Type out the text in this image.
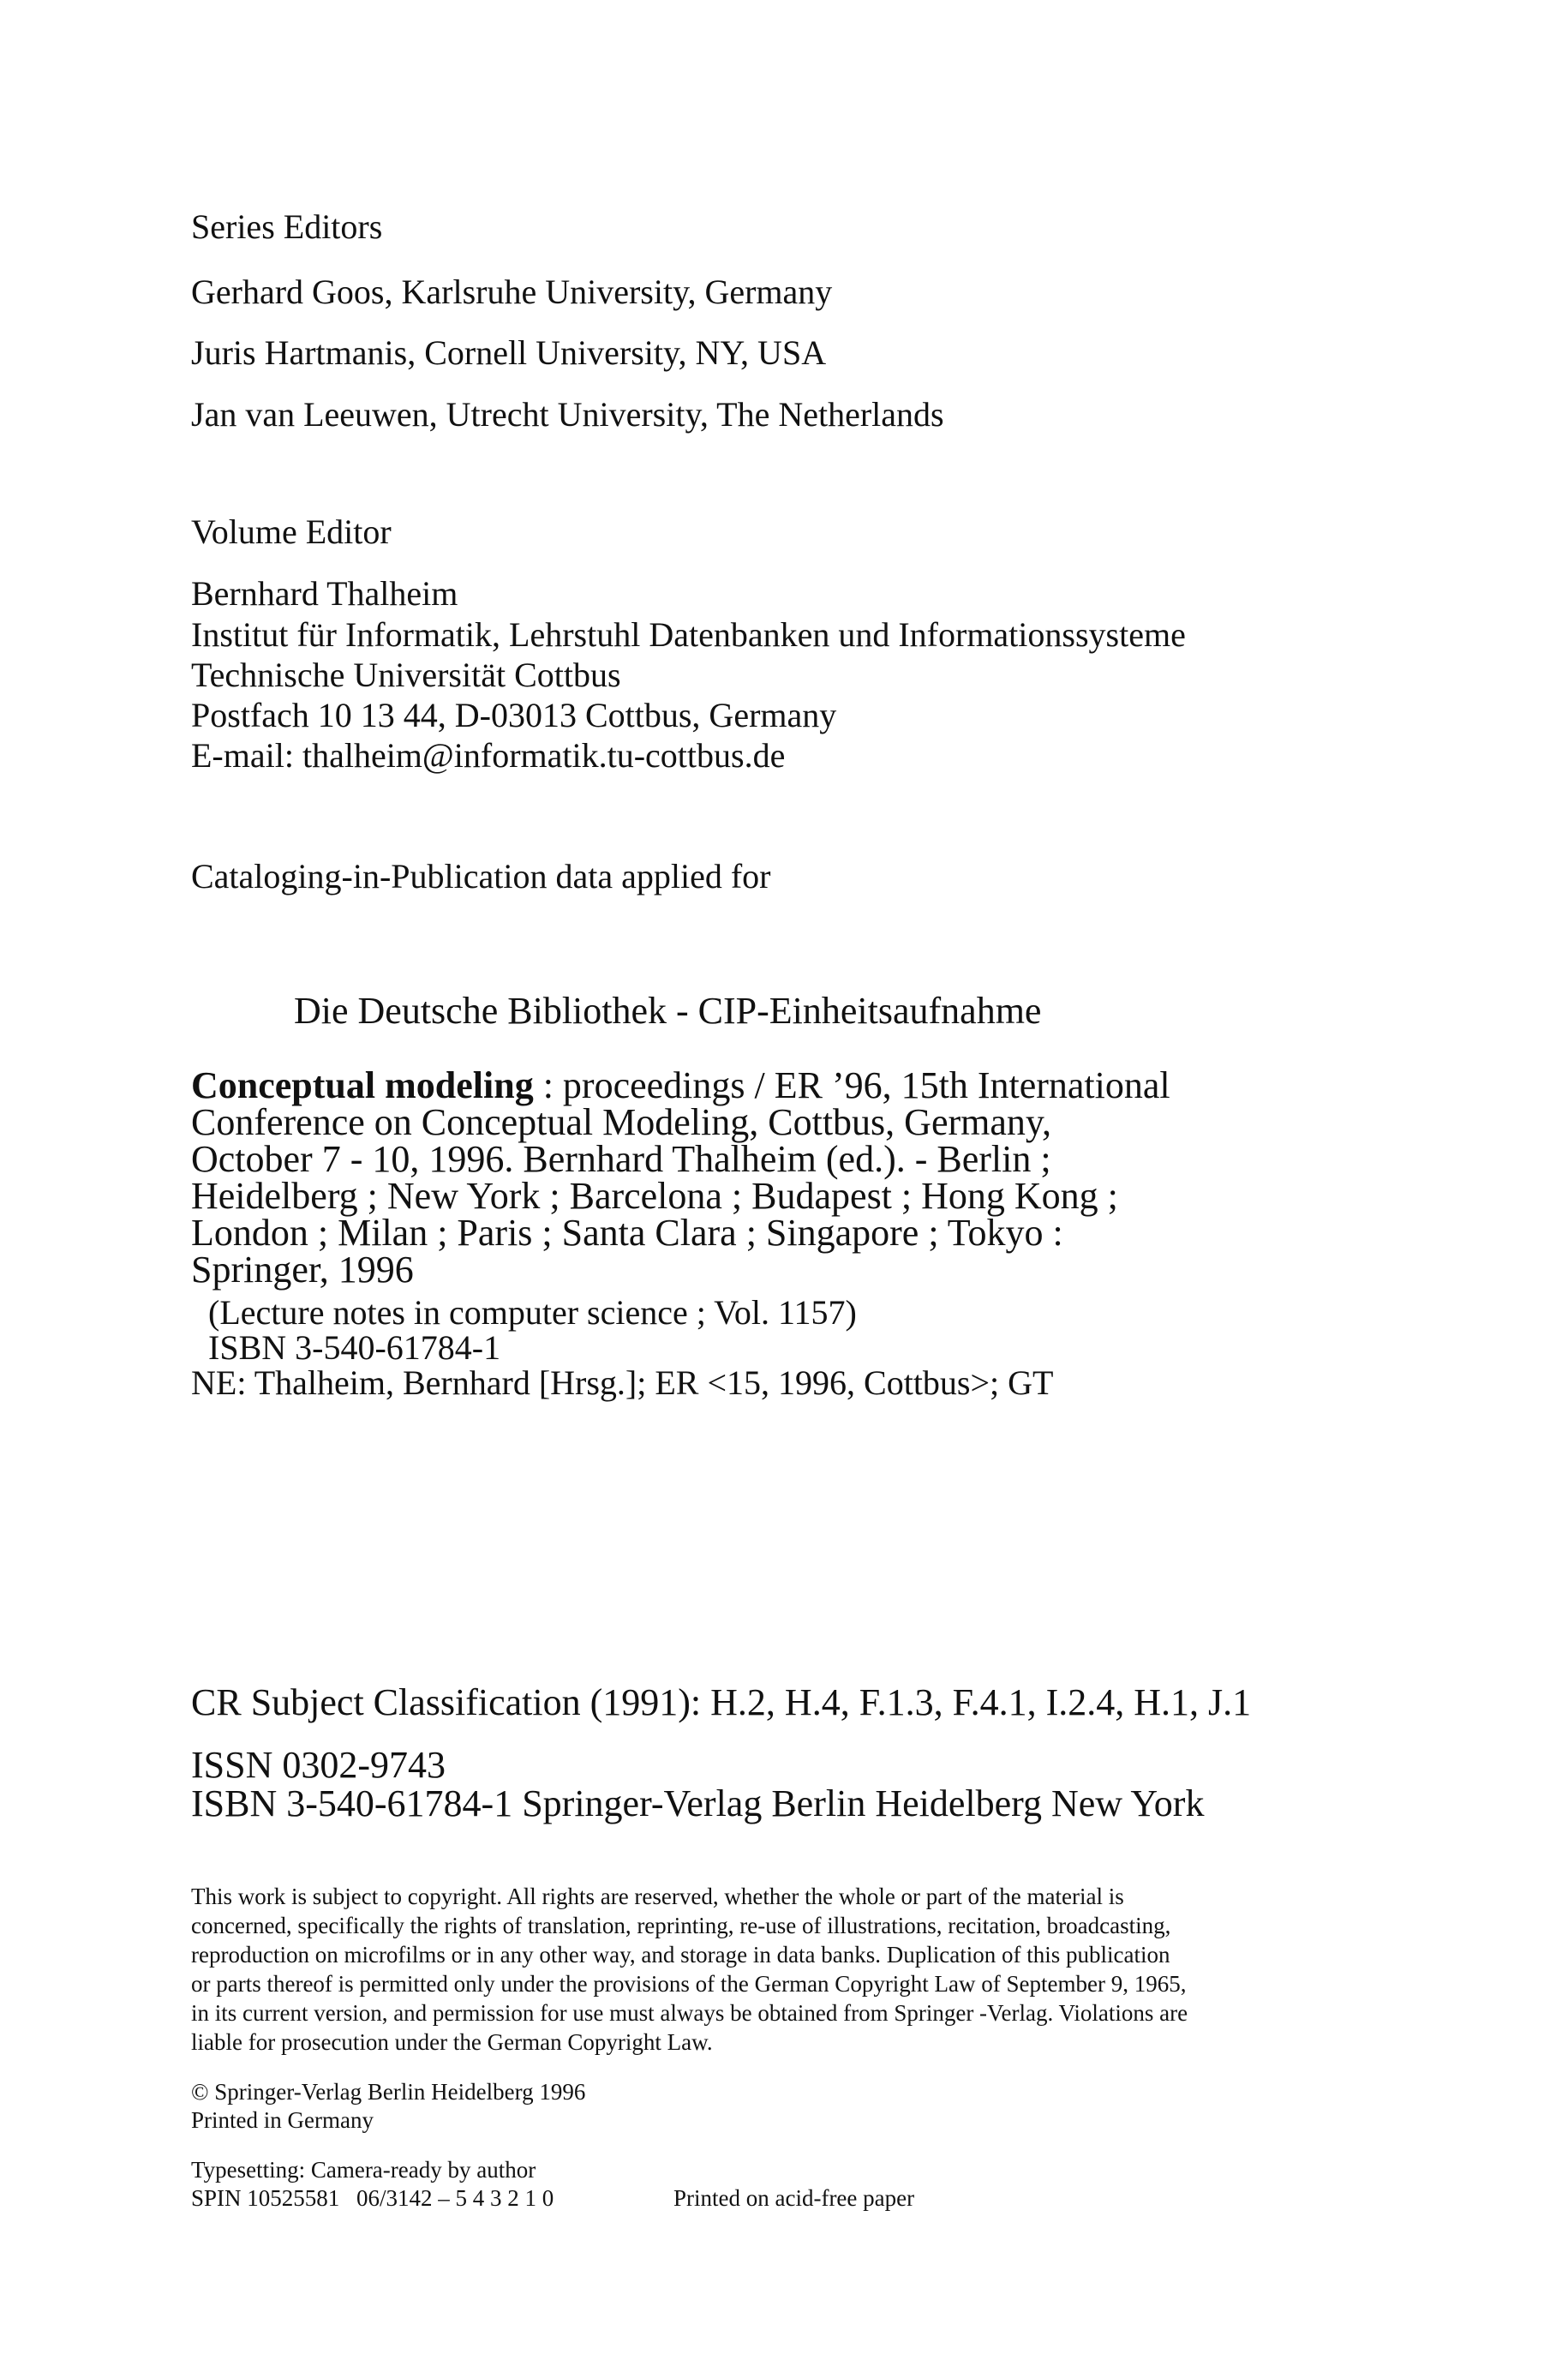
Series Editors
Gerhard Goos, Karlsruhe University, Germany
Juris Hartmanis, Cornell University, NY, USA
Jan van Leeuwen, Utrecht University, The Netherlands
Volume Editor
Bernhard Thalheim
Institut für Informatik, Lehrstuhl Datenbanken und Informationssysteme
Technische Universität Cottbus
Postfach 10 13 44, D-03013 Cottbus, Germany
E-mail: thalheim@informatik.tu-cottbus.de
Cataloging-in-Publication data applied for
Die Deutsche Bibliothek - CIP-Einheitsaufnahme
Conceptual modeling : proceedings / ER ’96, 15th International
Conference on Conceptual Modeling, Cottbus, Germany,
October 7 - 10, 1996. Bernhard Thalheim (ed.). - Berlin ;
Heidelberg ; New York ; Barcelona ; Budapest ; Hong Kong ;
London ; Milan ; Paris ; Santa Clara ; Singapore ; Tokyo :
Springer, 1996
(Lecture notes in computer science ; Vol. 1157)
ISBN 3-540-61784-1
NE: Thalheim, Bernhard [Hrsg.]; ER <15, 1996, Cottbus>; GT
CR Subject Classification (1991): H.2, H.4, F.1.3, F.4.1, I.2.4, H.1, J.1
ISSN 0302-9743
ISBN 3-540-61784-1 Springer-Verlag Berlin Heidelberg New York
This work is subject to copyright. All rights are reserved, whether the whole or part of the material is
concerned, specifically the rights of translation, reprinting, re-use of illustrations, recitation, broadcasting,
reproduction on microfilms or in any other way, and storage in data banks. Duplication of this publication
or parts thereof is permitted only under the provisions of the German Copyright Law of September 9, 1965,
in its current version, and permission for use must always be obtained from Springer -Verlag. Violations are
liable for prosecution under the German Copyright Law.
© Springer-Verlag Berlin Heidelberg 1996
Printed in Germany
Typesetting: Camera-ready by author
SPIN 10525581 06/3142 – 5 4 3 2 1 0	Printed on acid-free paper
